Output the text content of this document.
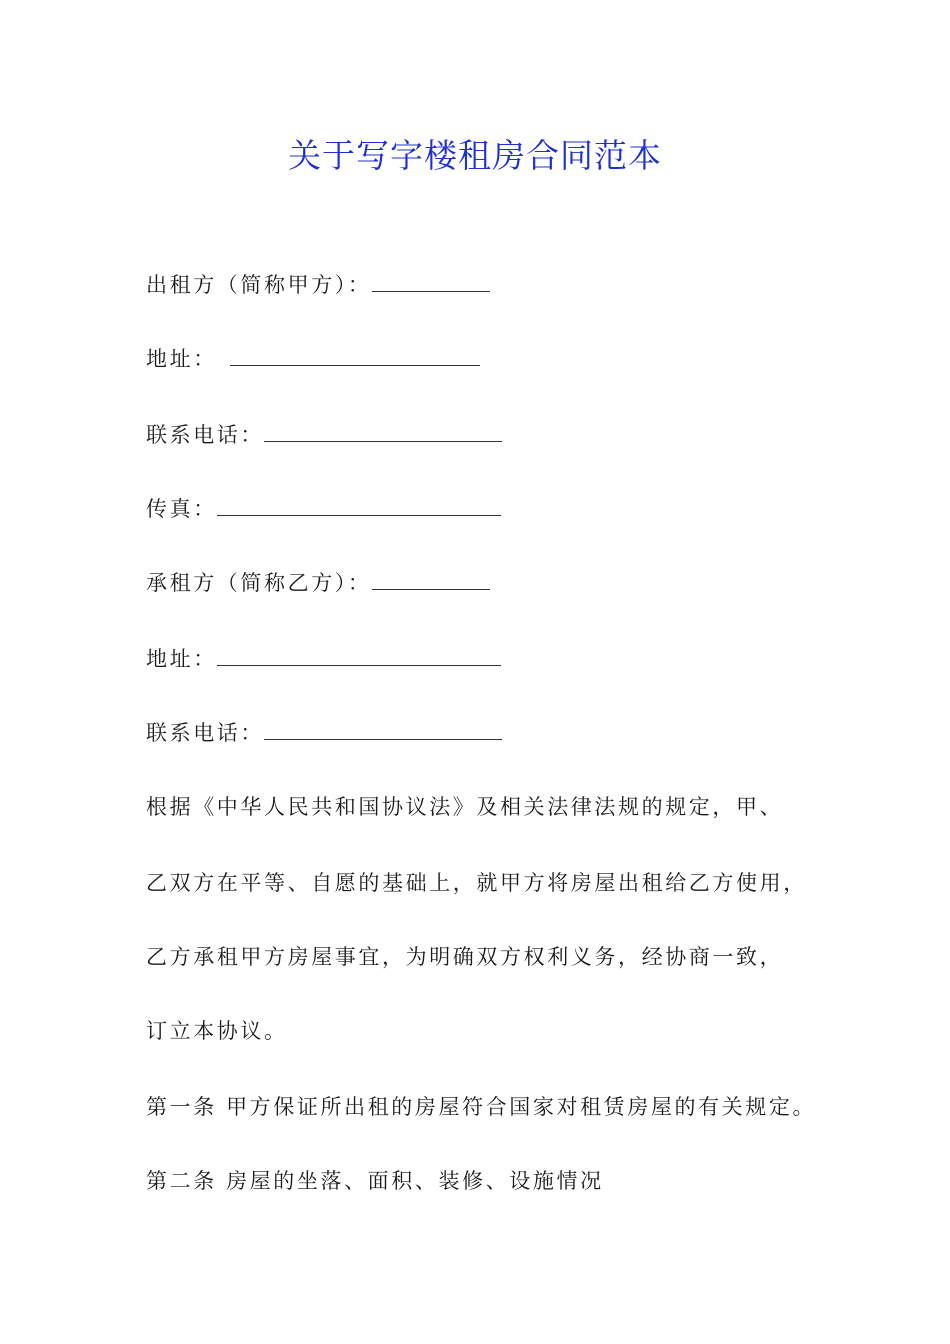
关于写字楼租房合同范本
出租方（简称甲方）：
地址：　
联系电话：
传真：
承租方（简称乙方）：
地址：
联系电话：
根据《中华人民共和国协议法》及相关法律法规的规定，甲、
乙双方在平等、自愿的基础上，就甲方将房屋出租给乙方使用，
乙方承租甲方房屋事宜，为明确双方权利义务，经协商一致，
订立本协议。
第一条 甲方保证所出租的房屋符合国家对租赁房屋的有关规定。
第二条 房屋的坐落、面积、装修、设施情况
